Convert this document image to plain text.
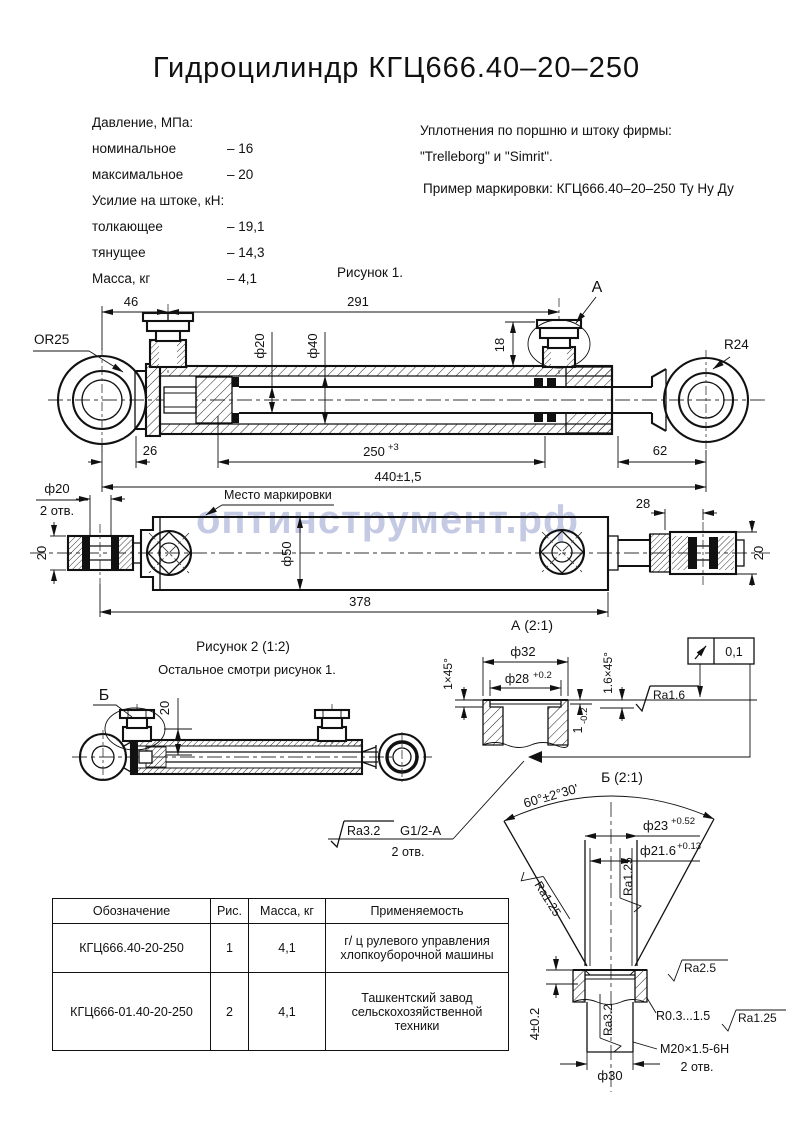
оптинструмент.рф
Гидроцилиндр КГЦ666.40–20–250
Давление, МПа:
номинальное	– 16
максимальное	– 20
Усилие на штоке, кН:
толкающее	– 19,1
тянущее	– 14,3
Масса, кг	– 4,1
Уплотнения по поршню и штоку фирмы:
"Trelleborg" и "Simrit".
Пример маркировки: КГЦ666.40–20–250 Ту Ну Ду
Рисунок 1.
А
46	291
18
ф20	ф40
OR25	R24
26	250 +3	62
440±1,5
ф20
2 отв.
20
Место маркировки
ф50
378
28
20
Рисунок 2 (1:2)
Остальное смотри рисунок 1.
Б
20
Ra3.2 G1/2-А
2 отв.
А (2:1)
ф32
ф28 +0.2
1×45°	1.6×45°
Ra1.6
1
-0.2
0,1
Б (2:1)
60°±2°30'
ф23 +0.52
ф21.6 +0.13
Ra1.25
Ra1.25
Ra2.5
4±0.2	R0.3...1.5 Ra1.25
Ra3.2
ф30
M20×1.5-6H
2 отв.
Обозначение	Рис.	Масса, кг	Применяемость
КГЦ666.40-20-250	1	4,1	г/ ц рулевого управления хлопкоуборочной машины
КГЦ666-01.40-20-250	2	4,1	Ташкентский завод сельскохозяйственной техники
